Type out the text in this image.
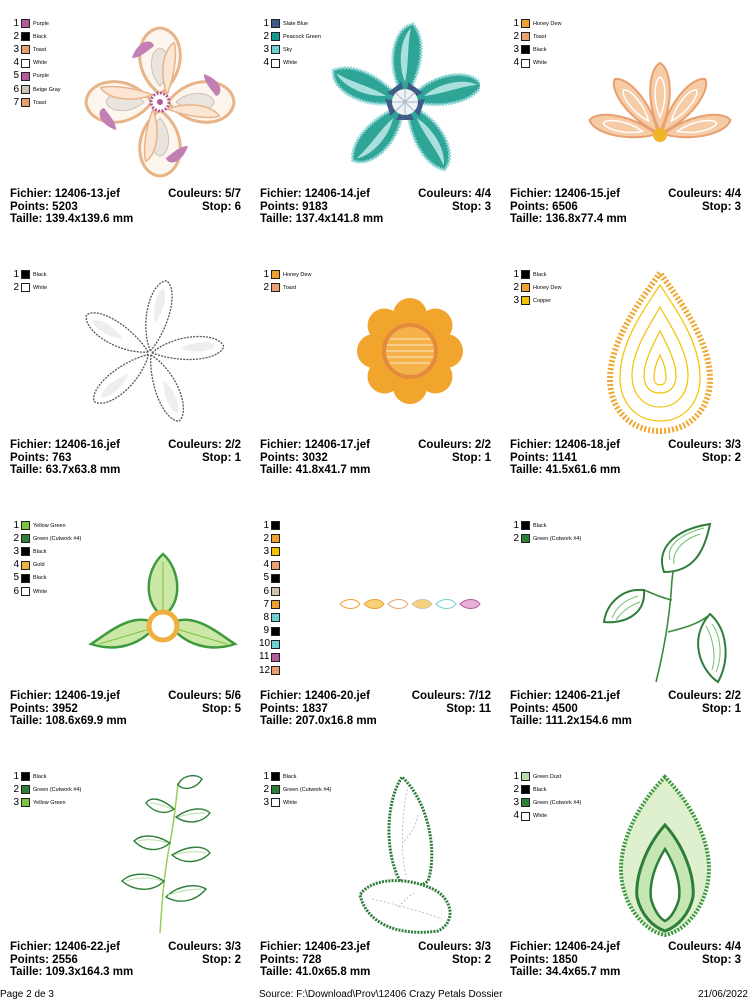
1	Purple
2	Black
3	Toast
4	White
5	Purple
6	Beige Gray
7	Toast
Fichier: 12406-13.jef	Couleurs: 5/7
Points: 5203	Stop: 6
Taille: 139.4x139.6 mm
1	Slate Blue
2	Peacock Green
3	Sky
4	White
Fichier: 12406-14.jef	Couleurs: 4/4
Points: 9183	Stop: 3
Taille: 137.4x141.8 mm
1	Honey Dew
2	Toast
3	Black
4	White
Fichier: 12406-15.jef	Couleurs: 4/4
Points: 6506	Stop: 3
Taille: 136.8x77.4 mm
1	Black
2	White
Fichier: 12406-16.jef	Couleurs: 2/2
Points: 763	Stop: 1
Taille: 63.7x63.8 mm
1	Honey Dew
2	Toast
Fichier: 12406-17.jef	Couleurs: 2/2
Points: 3032	Stop: 1
Taille: 41.8x41.7 mm
1	Black
2	Honey Dew
3	Copper
Fichier: 12406-18.jef	Couleurs: 3/3
Points: 1141	Stop: 2
Taille: 41.5x61.6 mm
1	Yellow Green
2	Green (Cutwork #4)
3	Black
4	Gold
5	Black
6	White
Fichier: 12406-19.jef	Couleurs: 5/6
Points: 3952	Stop: 5
Taille: 108.6x69.9 mm
1
2
3
4
5
6
7
8
9
10
11
12
Fichier: 12406-20.jef	Couleurs: 7/12
Points: 1837	Stop: 11
Taille: 207.0x16.8 mm
1	Black
2	Green (Cutwork #4)
Fichier: 12406-21.jef	Couleurs: 2/2
Points: 4500	Stop: 1
Taille: 111.2x154.6 mm
1	Black
2	Green (Cutwork #4)
3	Yellow Green
Fichier: 12406-22.jef	Couleurs: 3/3
Points: 2556	Stop: 2
Taille: 109.3x164.3 mm
1	Black
2	Green (Cutwork #4)
3	White
Fichier: 12406-23.jef	Couleurs: 3/3
Points: 728	Stop: 2
Taille: 41.0x65.8 mm
1	Green Dust
2	Black
3	Green (Cutwork #4)
4	White
Fichier: 12406-24.jef	Couleurs: 4/4
Points: 1850	Stop: 3
Taille: 34.4x65.7 mm
Page 2 de 3	Source: F:\Download\Prov\12406 Crazy Petals Dossier	21/06/2022
